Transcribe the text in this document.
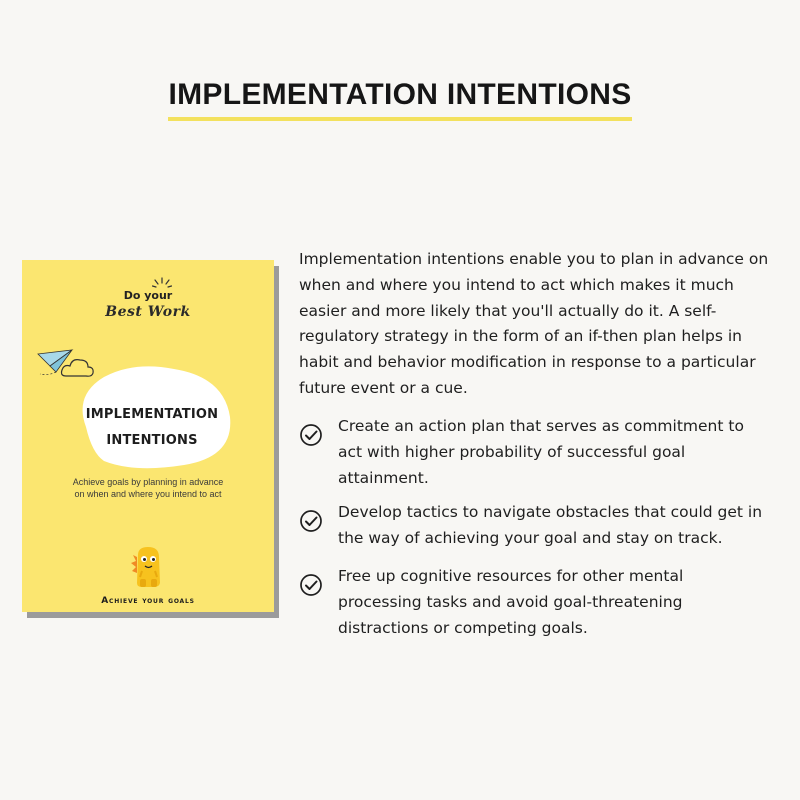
IMPLEMENTATION INTENTIONS
Do your
Best Work
IMPLEMENTATION
INTENTIONS
Achieve goals by planning in advance
on when and where you intend to act
Achieve your goals

Implementation intentions enable you to plan in advance on when and where you intend to act which makes it much easier and more likely that you'll actually do it. A self-regulatory strategy in the form of an if-then plan helps in habit and behavior modification in response to a particular future event or a cue.

Create an action plan that serves as commitment to act with higher probability of successful goal attainment.

Develop tactics to navigate obstacles that could get in the way of achieving your goal and stay on track.

Free up cognitive resources for other mental processing tasks and avoid goal-threatening distractions or competing goals.
